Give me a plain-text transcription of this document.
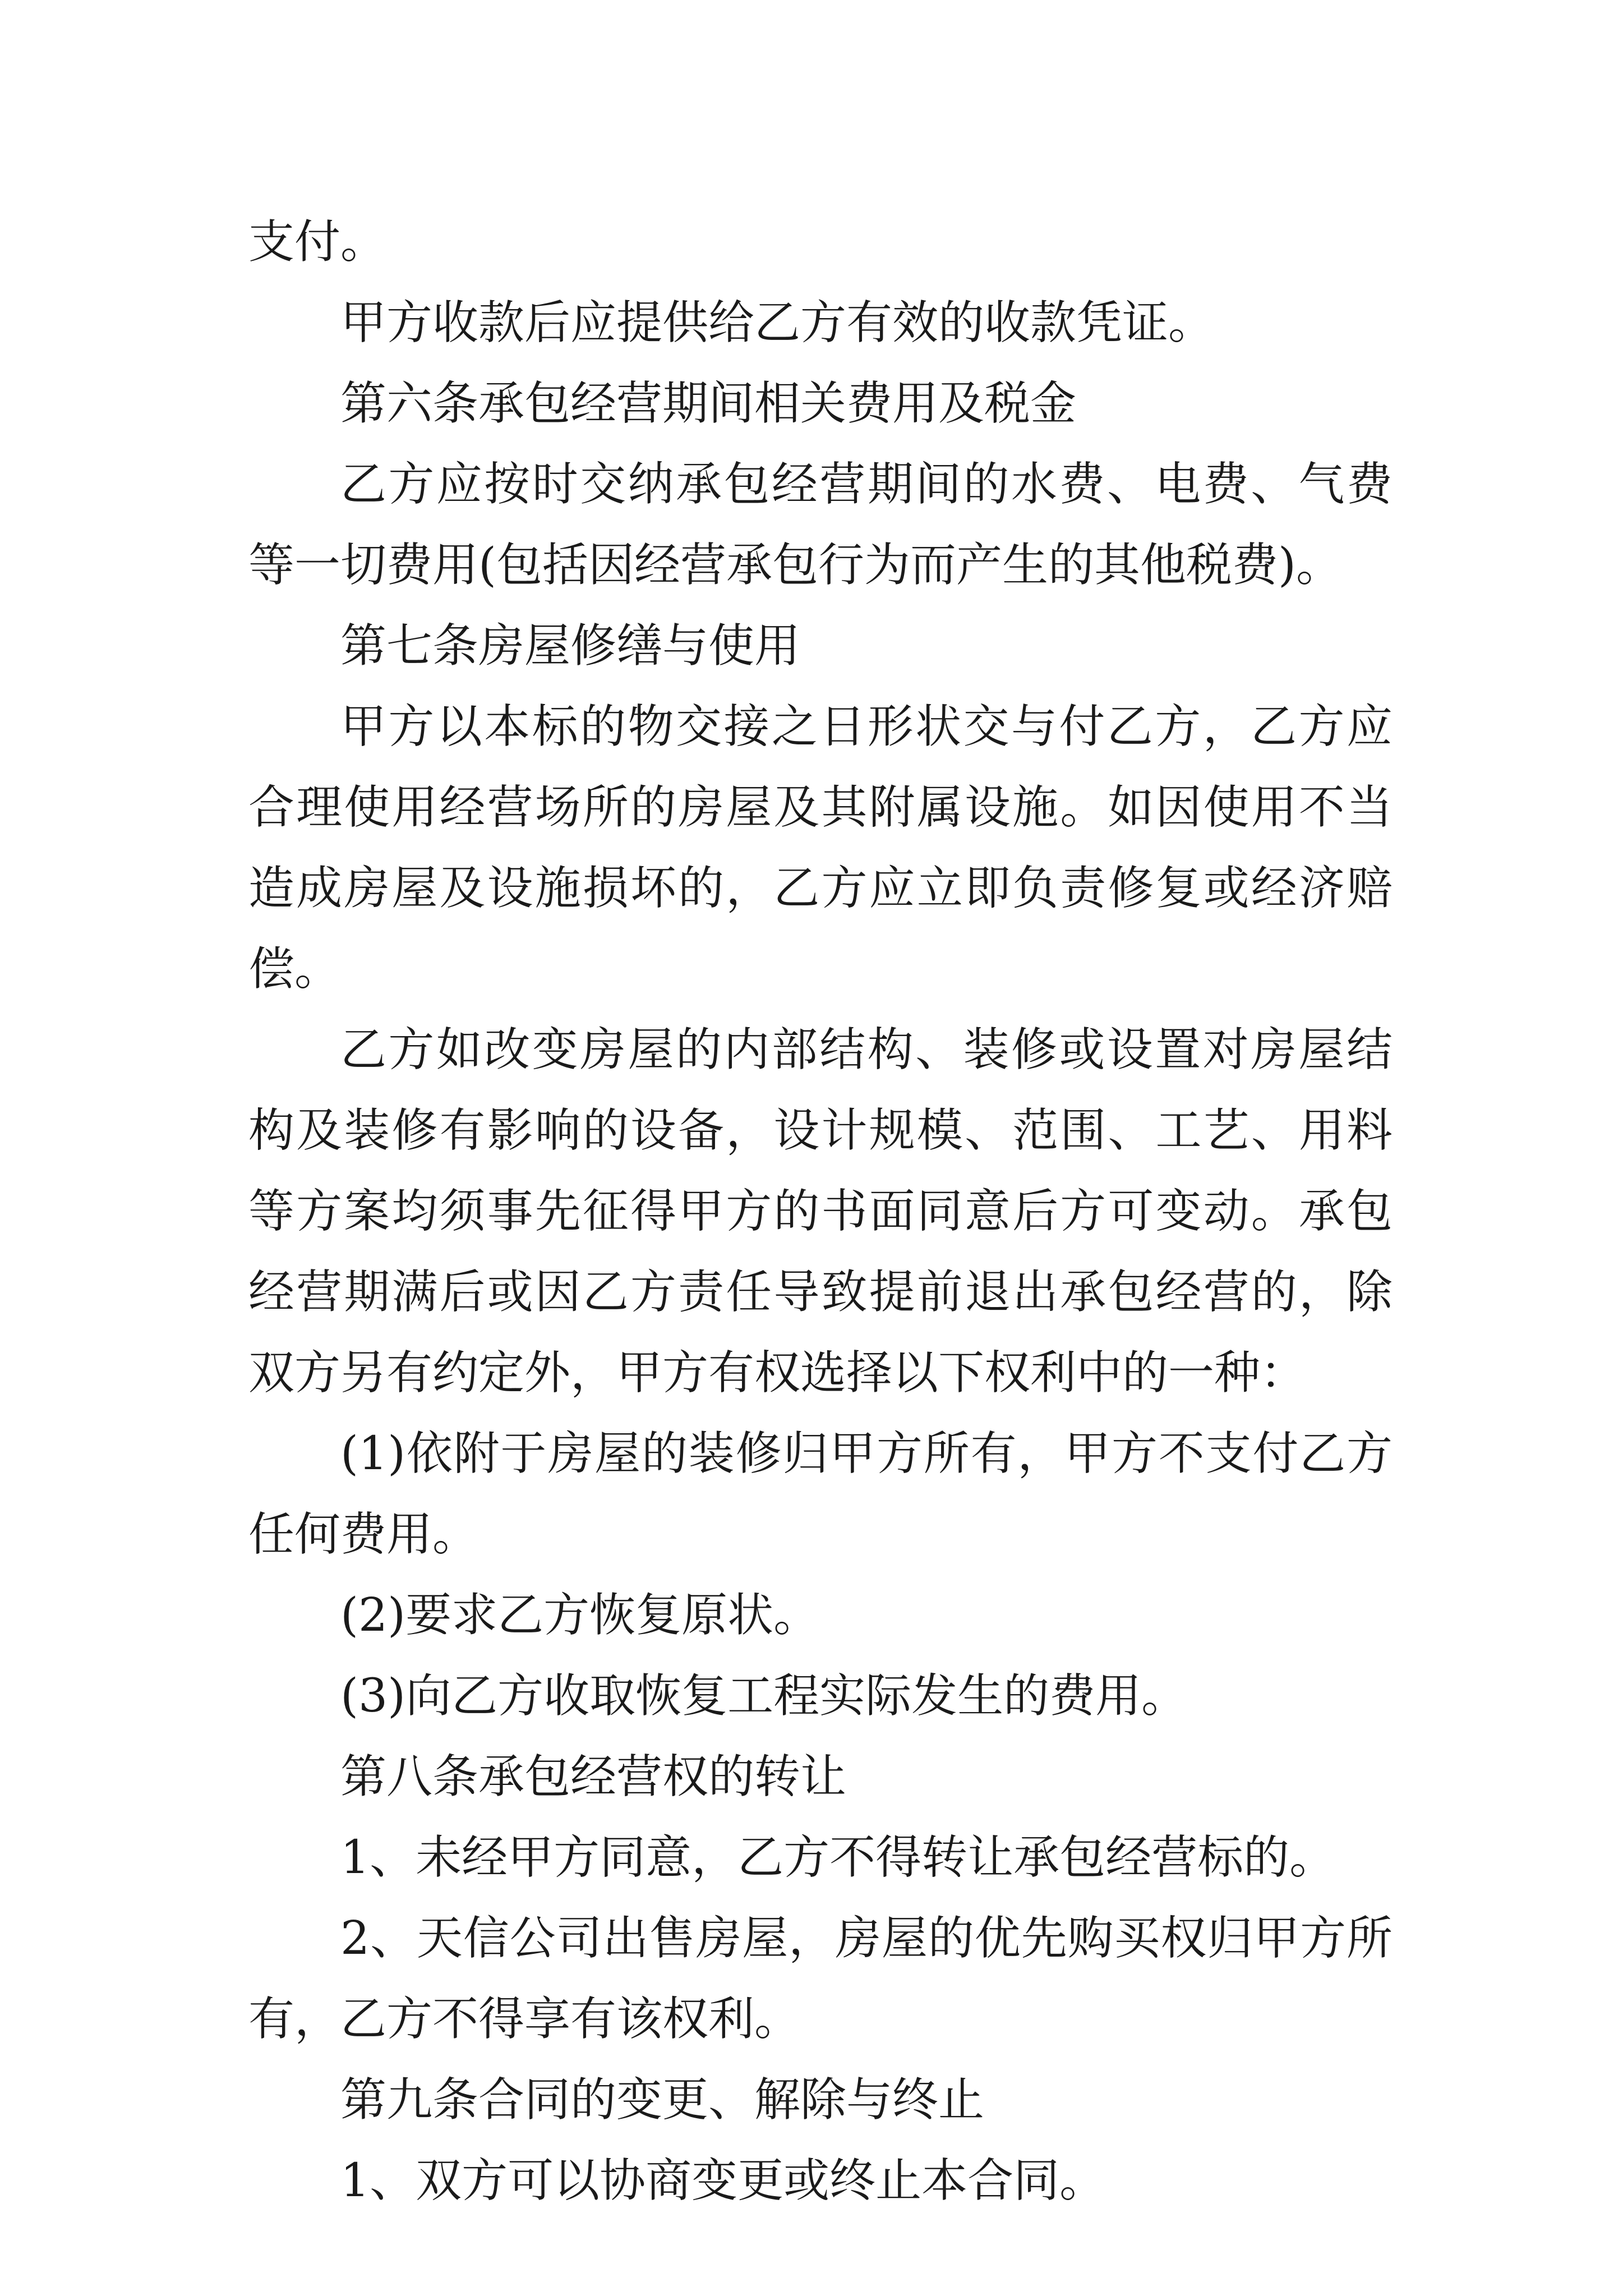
支付。

甲方收款后应提供给乙方有效的收款凭证。

第六条承包经营期间相关费用及税金

乙方应按时交纳承包经营期间的水费、电费、气费等一切费用(包括因经营承包行为而产生的其他税费)。

第七条房屋修缮与使用

甲方以本标的物交接之日形状交与付乙方，乙方应合理使用经营场所的房屋及其附属设施。如因使用不当造成房屋及设施损坏的，乙方应立即负责修复或经济赔偿。

乙方如改变房屋的内部结构、装修或设置对房屋结构及装修有影响的设备，设计规模、范围、工艺、用料等方案均须事先征得甲方的书面同意后方可变动。承包经营期满后或因乙方责任导致提前退出承包经营的，除双方另有约定外，甲方有权选择以下权利中的一种：

(1)依附于房屋的装修归甲方所有，甲方不支付乙方任何费用。

(2)要求乙方恢复原状。

(3)向乙方收取恢复工程实际发生的费用。

第八条承包经营权的转让

1、未经甲方同意，乙方不得转让承包经营标的。

2、天信公司出售房屋，房屋的优先购买权归甲方所有，乙方不得享有该权利。

第九条合同的变更、解除与终止

1、双方可以协商变更或终止本合同。
